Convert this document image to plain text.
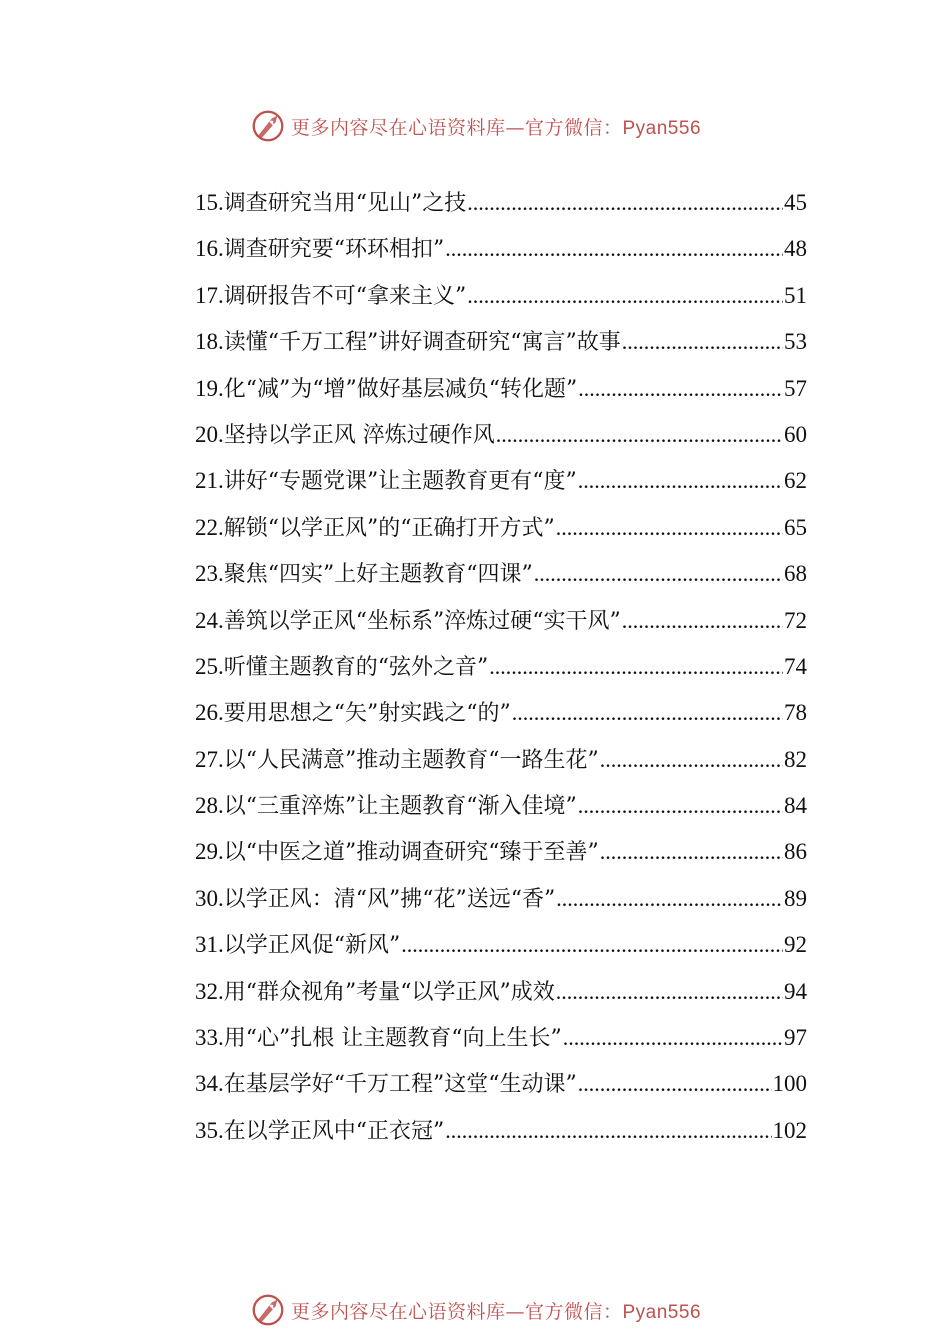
更多内容尽在心语资料库—官方微信：Pyan556
15. 调查研究当用“见山”之技 .....	45
16. 调查研究要“环环相扣” .....	48
17. 调研报告不可“拿来主义” .....	51
18. 读懂“千万工程”讲好调查研究“寓言”故事 .....	53
19. 化“减”为“增”做好基层减负“转化题” .....	57
20. 坚持以学正风 淬炼过硬作风 .....	60
21. 讲好“专题党课”让主题教育更有“度” .....	62
22. 解锁“以学正风”的“正确打开方式” .....	65
23. 聚焦“四实”上好主题教育“四课” .....	68
24. 善筑以学正风“坐标系”淬炼过硬“实干风” .....	72
25. 听懂主题教育的“弦外之音” .....	74
26. 要用思想之“矢”射实践之“的” .....	78
27. 以“人民满意”推动主题教育“一路生花” .....	82
28. 以“三重淬炼”让主题教育“渐入佳境” .....	84
29. 以“中医之道”推动调查研究“臻于至善” .....	86
30. 以学正风：清“风”拂“花”送远“香” .....	89
31. 以学正风促“新风” .....	92
32. 用“群众视角”考量“以学正风”成效 .....	94
33. 用“心”扎根 让主题教育“向上生长” .....	97
34. 在基层学好“千万工程”这堂“生动课” .....	100
35. 在以学正风中“正衣冠” .....	102
更多内容尽在心语资料库—官方微信：Pyan556
